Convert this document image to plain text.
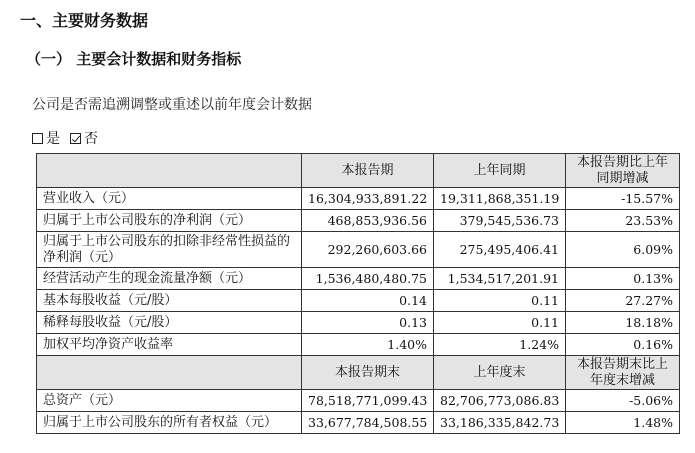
一、主要财务数据
（一） 主要会计数据和财务指标
公司是否需追溯调整或重述以前年度会计数据
是 否
	本报告期	上年同期	本报告期比上年同期增减
营业收入（元）	16,304,933,891.22	19,311,868,351.19	-15.57%
归属于上市公司股东的净利润（元）	468,853,936.56	379,545,536.73	23.53%
归属于上市公司股东的扣除非经常性损益的净利润（元）	292,260,603.66	275,495,406.41	6.09%
经营活动产生的现金流量净额（元）	1,536,480,480.75	1,534,517,201.91	0.13%
基本每股收益（元/股）	0.14	0.11	27.27%
稀释每股收益（元/股）	0.13	0.11	18.18%
加权平均净资产收益率	1.40%	1.24%	0.16%
	本报告期末	上年度末	本报告期末比上年度末增减
总资产（元）	78,518,771,099.43	82,706,773,086.83	-5.06%
归属于上市公司股东的所有者权益（元）	33,677,784,508.55	33,186,335,842.73	1.48%
